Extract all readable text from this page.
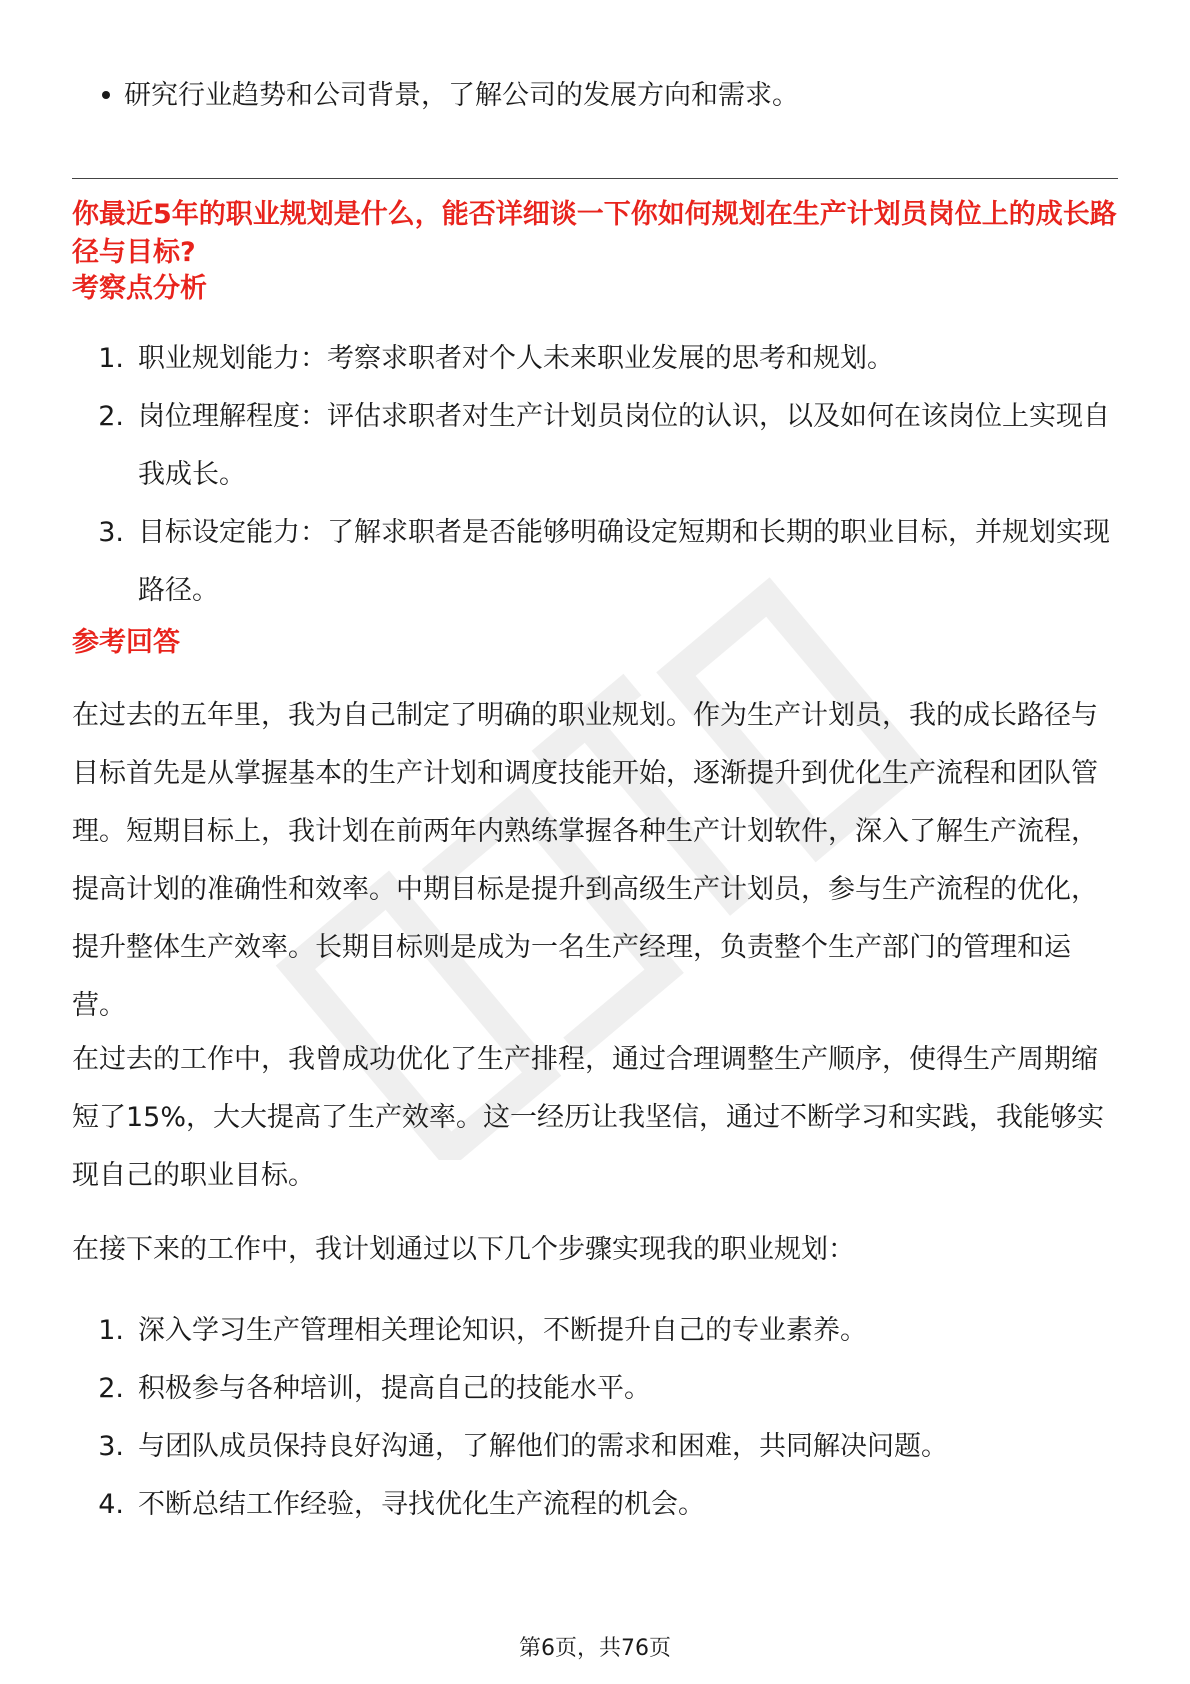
研究行业趋势和公司背景，了解公司的发展方向和需求。

你最近5年的职业规划是什么，能否详细谈一下你如何规划在生产计划员岗位上的成长路径与目标?

考察点分析

1. 职业规划能力：考察求职者对个人未来职业发展的思考和规划。
2. 岗位理解程度：评估求职者对生产计划员岗位的认识，以及如何在该岗位上实现自我成长。
3. 目标设定能力：了解求职者是否能够明确设定短期和长期的职业目标，并规划实现路径。

参考回答

在过去的五年里，我为自己制定了明确的职业规划。作为生产计划员，我的成长路径与目标首先是从掌握基本的生产计划和调度技能开始，逐渐提升到优化生产流程和团队管理。短期目标上，我计划在前两年内熟练掌握各种生产计划软件，深入了解生产流程，提高计划的准确性和效率。中期目标是提升到高级生产计划员，参与生产流程的优化，提升整体生产效率。长期目标则是成为一名生产经理，负责整个生产部门的管理和运营。

在过去的工作中，我曾成功优化了生产排程，通过合理调整生产顺序，使得生产周期缩短了15%，大大提高了生产效率。这一经历让我坚信，通过不断学习和实践，我能够实现自己的职业目标。

在接下来的工作中，我计划通过以下几个步骤实现我的职业规划：

1. 深入学习生产管理相关理论知识，不断提升自己的专业素养。
2. 积极参与各种培训，提高自己的技能水平。
3. 与团队成员保持良好沟通，了解他们的需求和困难，共同解决问题。
4. 不断总结工作经验，寻找优化生产流程的机会。
第6页，共76页
